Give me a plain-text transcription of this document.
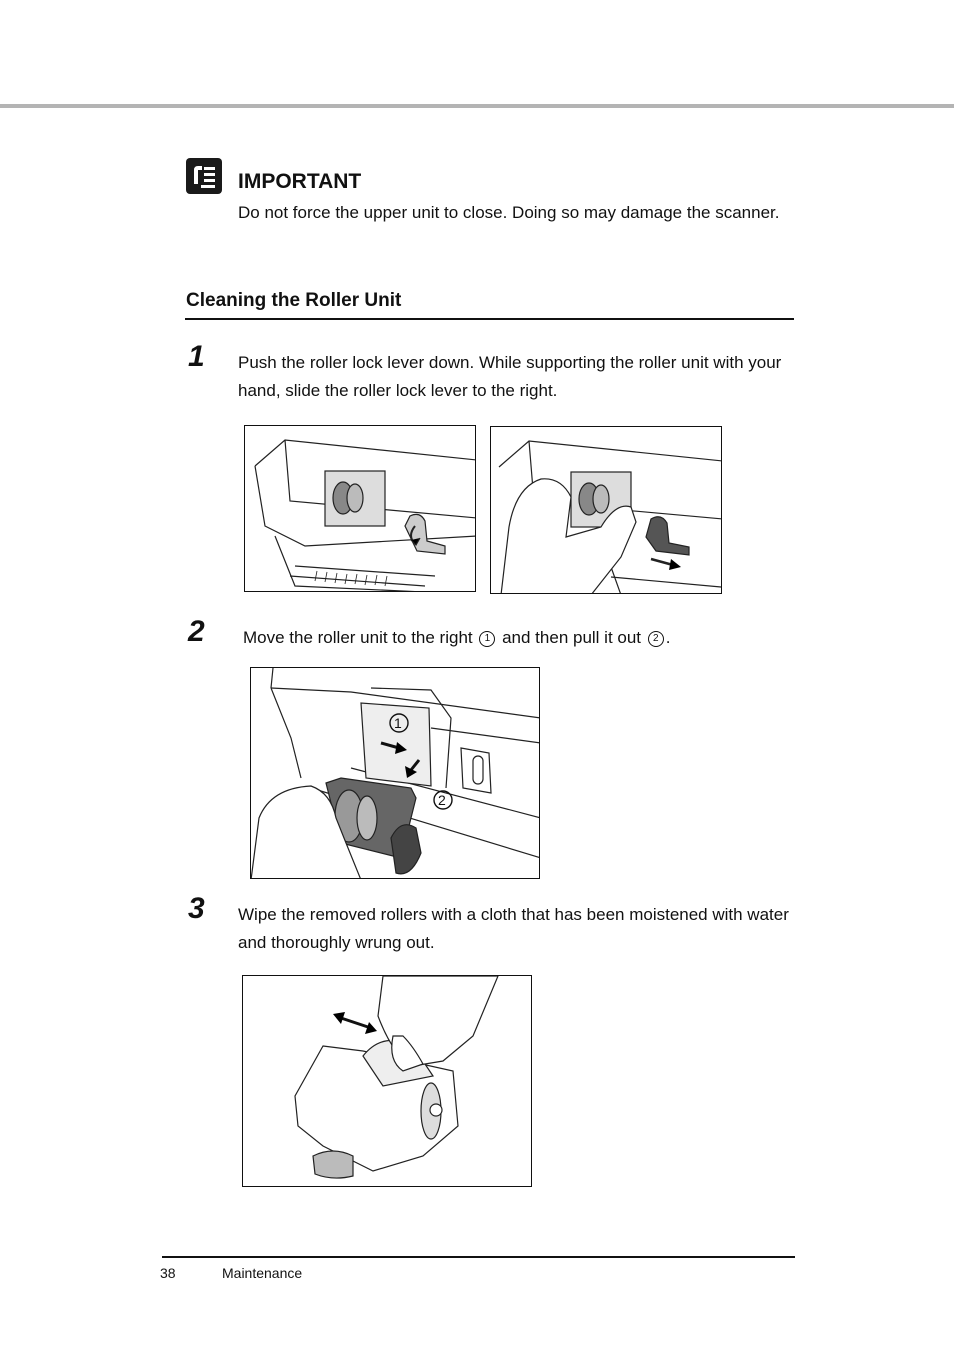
IMPORTANT
Do not force the upper unit to close. Doing so may damage the scanner.
Cleaning the Roller Unit
1 Push the roller lock lever down. While supporting the roller unit with your hand, slide the roller lock lever to the right.
2 Move the roller unit to the right 1 and then pull it out 2 .
1
2
3 Wipe the removed rollers with a cloth that has been moistened with water and thoroughly wrung out.
38	Maintenance
